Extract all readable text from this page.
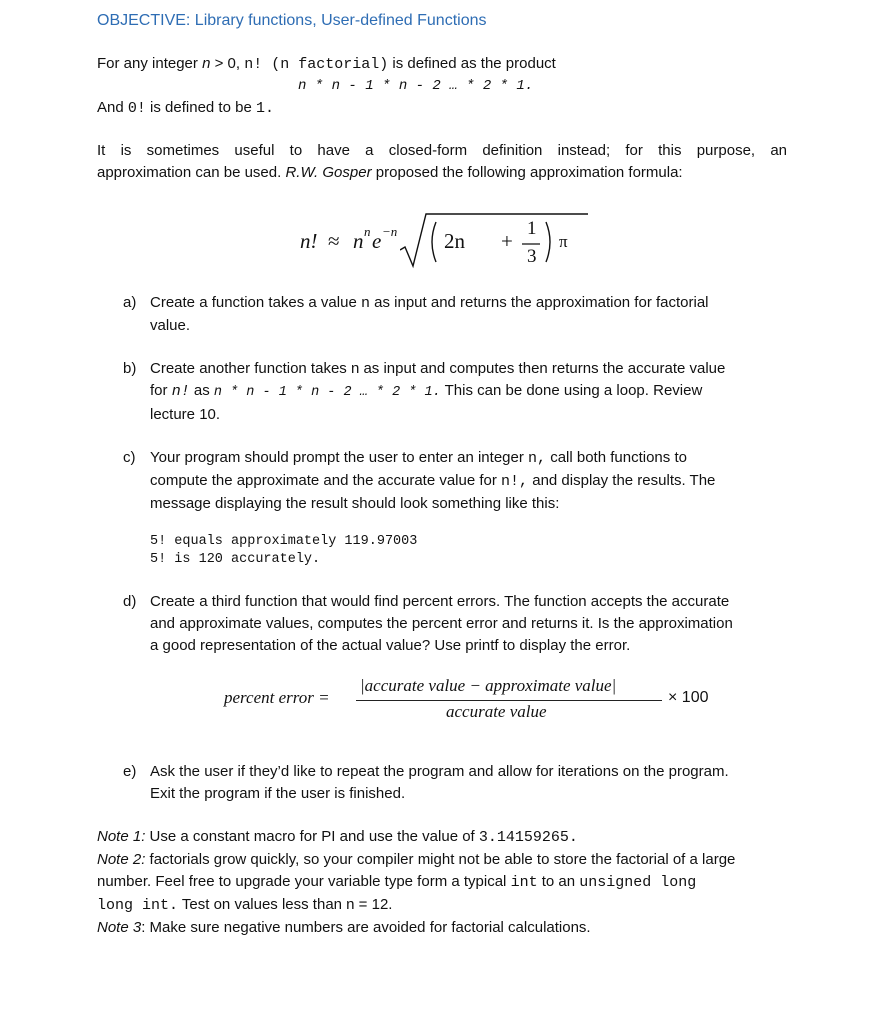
OBJECTIVE: Library functions, User-defined Functions
For any integer n > 0, n! (n factorial) is defined as the product
n * n - 1 * n - 2 … * 2 * 1.
And 0! is defined to be 1.
It is sometimes useful to have a closed-form definition instead; for this purpose, an
approximation can be used. R.W. Gosper proposed the following approximation formula:
n! ≈ n n e −n 2n +
1
3
π
a) Create a function takes a value n as input and returns the approximation for factorial
value.
b) Create another function takes n as input and computes then returns the accurate value
for n! as n * n - 1 * n - 2 … * 2 * 1. This can be done using a loop. Review
lecture 10.
c) Your program should prompt the user to enter an integer n, call both functions to
compute the approximate and the accurate value for n!, and display the results. The
message displaying the result should look something like this:
5! equals approximately 119.97003
5! is 120 accurately.
d) Create a third function that would find percent errors. The function accepts the accurate
and approximate values, computes the percent error and returns it. Is the approximation
a good representation of the actual value? Use printf to display the error.
percent error =
|accurate value − approximate value|
accurate value
× 100
e) Ask the user if they’d like to repeat the program and allow for iterations on the program.
Exit the program if the user is finished.
Note 1: Use a constant macro for PI and use the value of 3.14159265.
Note 2: factorials grow quickly, so your compiler might not be able to store the factorial of a large
number. Feel free to upgrade your variable type form a typical int to an unsigned long
long int. Test on values less than n = 12.
Note 3: Make sure negative numbers are avoided for factorial calculations.
